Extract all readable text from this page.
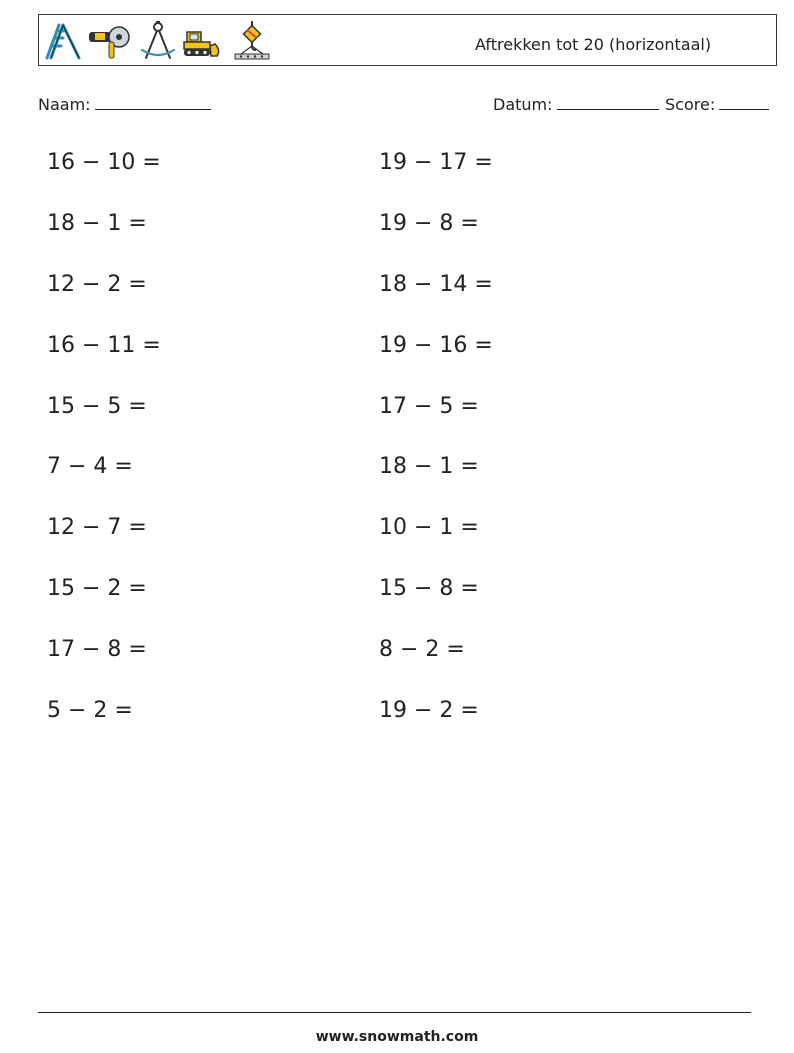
Aftrekken tot 20 (horizontaal)
Naam:	Datum:	Score:
16 − 10 =
18 − 1 =
12 − 2 =
16 − 11 =
15 − 5 =
7 − 4 =
12 − 7 =
15 − 2 =
17 − 8 =
5 − 2 =
19 − 17 =
19 − 8 =
18 − 14 =
19 − 16 =
17 − 5 =
18 − 1 =
10 − 1 =
15 − 8 =
8 − 2 =
19 − 2 =
www.snowmath.com
